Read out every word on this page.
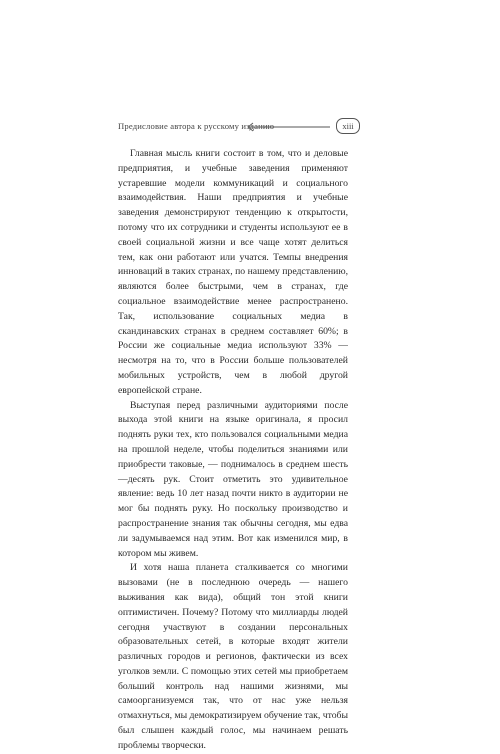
Предисловие автора к русскому изданию	xiii

Главная мысль книги состоит в том, что и деловые предприятия, и учебные заведения применяют устаревшие модели коммуникаций и социального взаимодействия. Наши предприятия и учебные заведения демонстрируют тенденцию к открытости, потому что их сотрудники и студенты используют ее в своей социальной жизни и все чаще хотят делиться тем, как они работают или учатся. Темпы внедрения инноваций в таких странах, по нашему представлению, являются более быстрыми, чем в странах, где социальное взаимодействие менее распространено. Так, использование социальных медиа в скандинавских странах в среднем составляет 60%; в России же социальные медиа используют 33% — несмотря на то, что в России больше пользователей мобильных устройств, чем в любой другой европейской стране.

Выступая перед различными аудиториями после выхода этой книги на языке оригинала, я просил поднять руки тех, кто пользовался социальными медиа на прошлой неделе, чтобы поделиться знаниями или приобрести таковые, — поднималось в среднем шесть—десять рук. Стоит отметить это удивительное явление: ведь 10 лет назад почти никто в аудитории не мог бы поднять руку. Но поскольку производство и распространение знания так обычны сегодня, мы едва ли задумываемся над этим. Вот как изменился мир, в котором мы живем.

И хотя наша планета сталкивается со многими вызовами (не в последнюю очередь — нашего выживания как вида), общий тон этой книги оптимистичен. Почему? Потому что миллиарды людей сегодня участвуют в создании персональных образовательных сетей, в которые входят жители различных городов и регионов, фактически из всех уголков земли. С помощью этих сетей мы приобретаем больший контроль над нашими жизнями, мы самоорганизуемся так, что от нас уже нельзя отмахнуться, мы демократизируем обучение так, чтобы был слышен каждый голос, мы начинаем решать проблемы творчески.
